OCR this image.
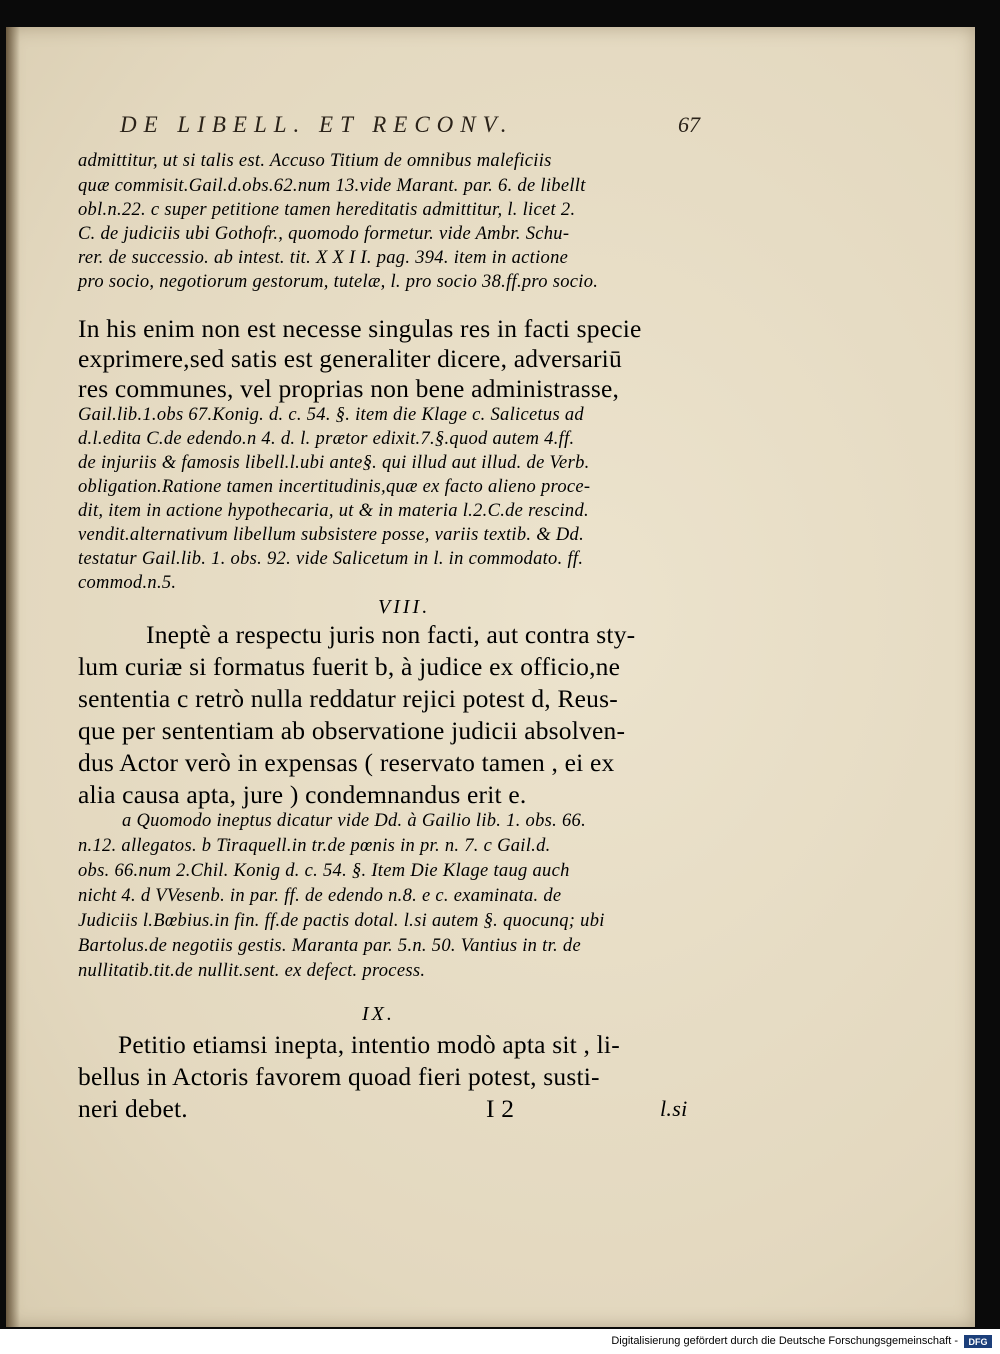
DE LIBELL. ET RECONV.	67
admittitur, ut si talis est. Accuso Titium de omnibus maleficiis
quæ commisit.Gail.d.obs.62.num 13.vide Marant. par. 6. de libellt
obl.n.22. c super petitione tamen hereditatis admittitur, l. licet 2.
C. de judiciis ubi Gothofr., quomodo formetur. vide Ambr. Schu-
rer. de successio. ab intest. tit. X X I I. pag. 394. item in actione
pro socio, negotiorum gestorum, tutelæ, l. pro socio 38.ff.pro socio.
In his enim non est necesse singulas res in facti specie
exprimere,sed satis est generaliter dicere, adversariū
res communes, vel proprias non bene administrasse,
Gail.lib.1.obs 67.Konig. d. c. 54. §. item die Klage c. Salicetus ad
d.l.edita C.de edendo.n 4. d. l. prætor edixit.7.§.quod autem 4.ff.
de injuriis & famosis libell.l.ubi ante§. qui illud aut illud. de Verb.
obligation.Ratione tamen incertitudinis,quæ ex facto alieno proce-
dit, item in actione hypothecaria, ut & in materia l.2.C.de rescind.
vendit.alternativum libellum subsistere posse, variis textib. & Dd.
testatur Gail.lib. 1. obs. 92. vide Salicetum in l. in commodato. ff.
commod.n.5.
VIII.
Ineptè a respectu juris non facti, aut contra sty-
lum curiæ si formatus fuerit b, à judice ex officio,ne
sententia c retrò nulla reddatur rejici potest d, Reus-
que per sententiam ab observatione judicii absolven-
dus Actor verò in expensas ( reservato tamen , ei ex
alia causa apta, jure ) condemnandus erit e.
a Quomodo ineptus dicatur vide Dd. à Gailio lib. 1. obs. 66.
n.12. allegatos. b Tiraquell.in tr.de pœnis in pr. n. 7. c Gail.d.
obs. 66.num 2.Chil. Konig d. c. 54. §. Item Die Klage taug auch
nicht 4. d VVesenb. in par. ff. de edendo n.8. e c. examinata. de
Judiciis l.Bœbius.in fin. ff.de pactis dotal. l.si autem §. quocunq; ubi
Bartolus.de negotiis gestis. Maranta par. 5.n. 50. Vantius in tr. de
nullitatib.tit.de nullit.sent. ex defect. process.
IX.
Petitio etiamsi inepta, intentio modò apta sit , li-
bellus in Actoris favorem quoad fieri potest, susti-
neri debet.	I 2	l.si
Digitalisierung gefördert durch die Deutsche Forschungsgemeinschaft -	DFG
